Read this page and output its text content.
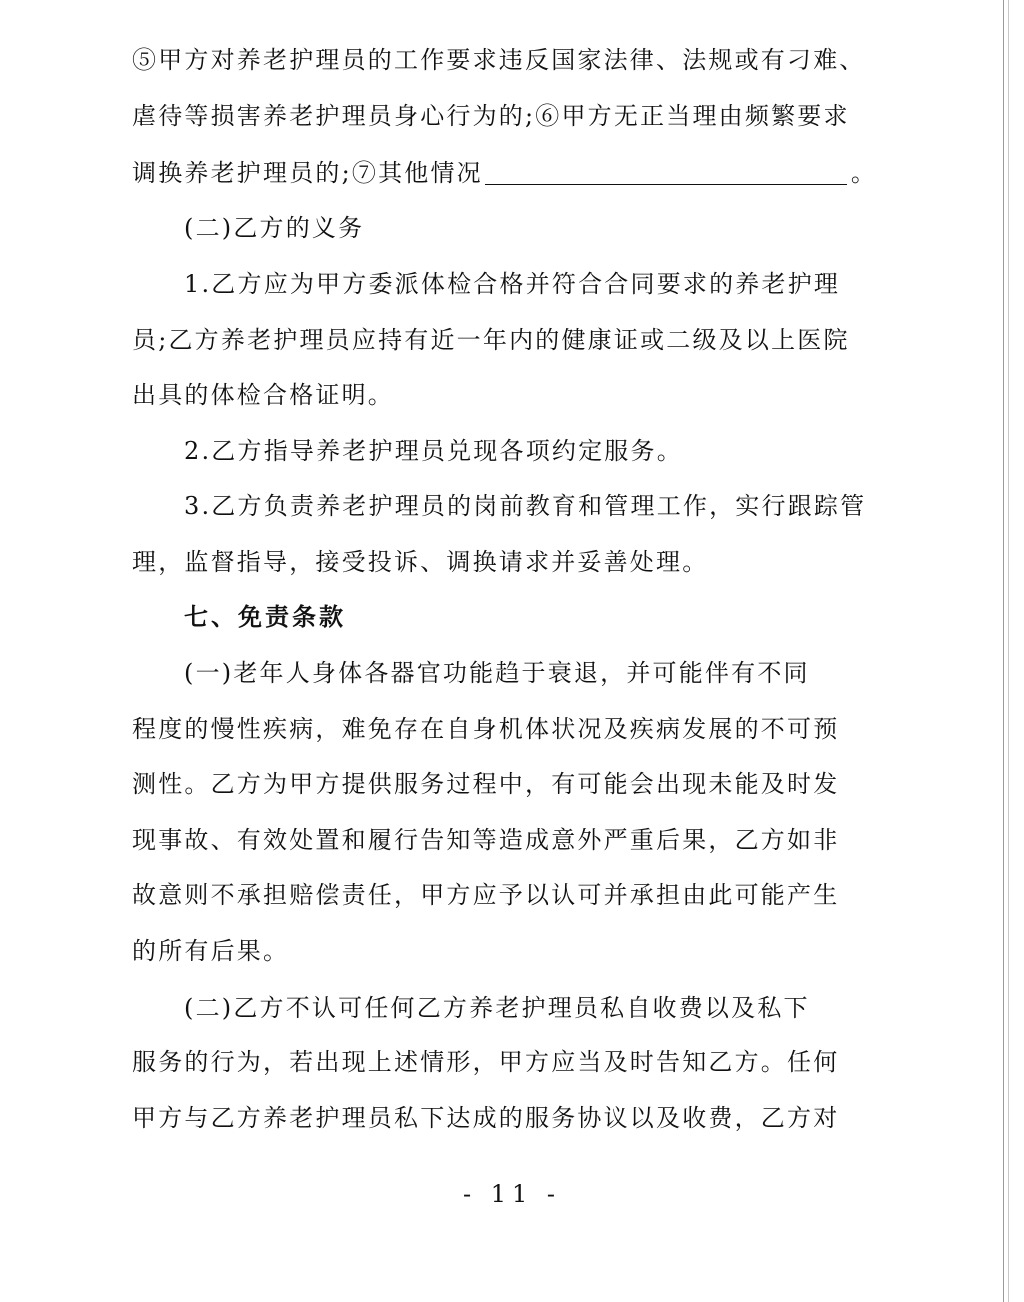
⑤甲方对养老护理员的工作要求违反国家法律、法规或有刁难、
虐待等损害养老护理员身心行为的;⑥甲方无正当理由频繁要求
调换养老护理员的;⑦其他情况	。
(二)乙方的义务
1.乙方应为甲方委派体检合格并符合合同要求的养老护理
员;乙方养老护理员应持有近一年内的健康证或二级及以上医院
出具的体检合格证明。
2.乙方指导养老护理员兑现各项约定服务。
3.乙方负责养老护理员的岗前教育和管理工作，实行跟踪管
理，监督指导，接受投诉、调换请求并妥善处理。
七、免责条款
(一)老年人身体各器官功能趋于衰退，并可能伴有不同
程度的慢性疾病，难免存在自身机体状况及疾病发展的不可预
测性。乙方为甲方提供服务过程中，有可能会出现未能及时发
现事故、有效处置和履行告知等造成意外严重后果，乙方如非
故意则不承担赔偿责任，甲方应予以认可并承担由此可能产生
的所有后果。
(二)乙方不认可任何乙方养老护理员私自收费以及私下
服务的行为，若出现上述情形，甲方应当及时告知乙方。任何
甲方与乙方养老护理员私下达成的服务协议以及收费，乙方对
- 11 -
